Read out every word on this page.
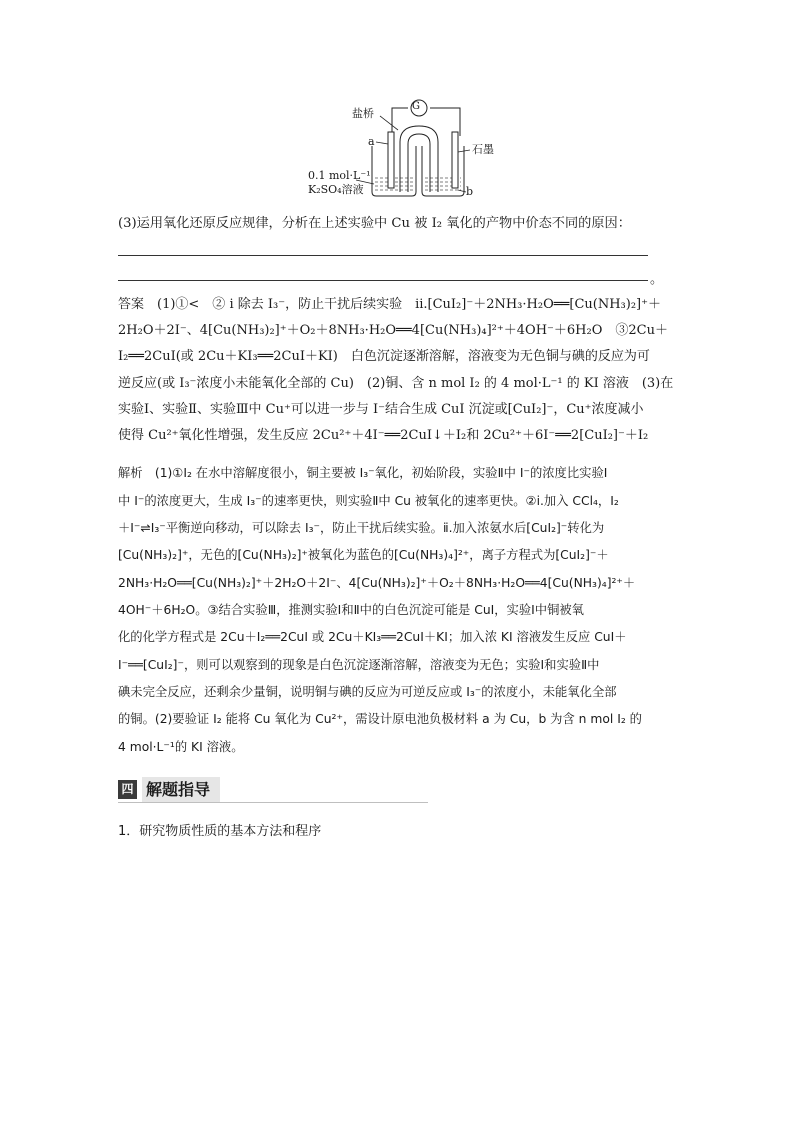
G
盐桥
a
石墨
0.1 mol·L⁻¹
K₂SO₄溶液	b
(3)运用氧化还原反应规律，分析在上述实验中 Cu 被 I₂ 氧化的产物中价态不同的原因：
。
答案　(1)①<　② ⅰ 除去 I₃⁻，防止干扰后续实验　ⅱ.[CuI₂]⁻＋2NH₃·H₂O══[Cu(NH₃)₂]⁺＋
2H₂O＋2I⁻、4[Cu(NH₃)₂]⁺＋O₂＋8NH₃·H₂O══4[Cu(NH₃)₄]²⁺＋4OH⁻＋6H₂O　③2Cu＋
I₂══2CuI(或 2Cu＋KI₃══2CuI＋KI)　白色沉淀逐渐溶解，溶液变为无色铜与碘的反应为可
逆反应(或 I₃⁻浓度小未能氧化全部的 Cu)　(2)铜、含 n mol I₂ 的 4 mol·L⁻¹ 的 KI 溶液　(3)在
实验Ⅰ、实验Ⅱ、实验Ⅲ中 Cu⁺可以进一步与 I⁻结合生成 CuI 沉淀或[CuI₂]⁻，Cu⁺浓度减小
使得 Cu²⁺氧化性增强，发生反应 2Cu²⁺＋4I⁻══2CuI↓＋I₂和 2Cu²⁺＋6I⁻══2[CuI₂]⁻＋I₂
解析　(1)①I₂ 在水中溶解度很小，铜主要被 I₃⁻氧化，初始阶段，实验Ⅱ中 I⁻的浓度比实验Ⅰ
中 I⁻的浓度更大，生成 I₃⁻的速率更快，则实验Ⅱ中 Cu 被氧化的速率更快。②ⅰ.加入 CCl₄，I₂
＋I⁻⇌I₃⁻平衡逆向移动，可以除去 I₃⁻，防止干扰后续实验。ⅱ.加入浓氨水后[CuI₂]⁻转化为
[Cu(NH₃)₂]⁺，无色的[Cu(NH₃)₂]⁺被氧化为蓝色的[Cu(NH₃)₄]²⁺，离子方程式为[CuI₂]⁻＋
2NH₃·H₂O══[Cu(NH₃)₂]⁺＋2H₂O＋2I⁻、4[Cu(NH₃)₂]⁺＋O₂＋8NH₃·H₂O══4[Cu(NH₃)₄]²⁺＋
4OH⁻＋6H₂O。③结合实验Ⅲ，推测实验Ⅰ和Ⅱ中的白色沉淀可能是 CuI，实验Ⅰ中铜被氧
化的化学方程式是 2Cu＋I₂══2CuI 或 2Cu＋KI₃══2CuI＋KI；加入浓 KI 溶液发生反应 CuI＋
I⁻══[CuI₂]⁻，则可以观察到的现象是白色沉淀逐渐溶解，溶液变为无色；实验Ⅰ和实验Ⅱ中
碘未完全反应，还剩余少量铜，说明铜与碘的反应为可逆反应或 I₃⁻的浓度小，未能氧化全部
的铜。(2)要验证 I₂ 能将 Cu 氧化为 Cu²⁺，需设计原电池负极材料 a 为 Cu，b 为含 n mol I₂ 的
4 mol·L⁻¹的 KI 溶液。
四 解题指导
1．研究物质性质的基本方法和程序
